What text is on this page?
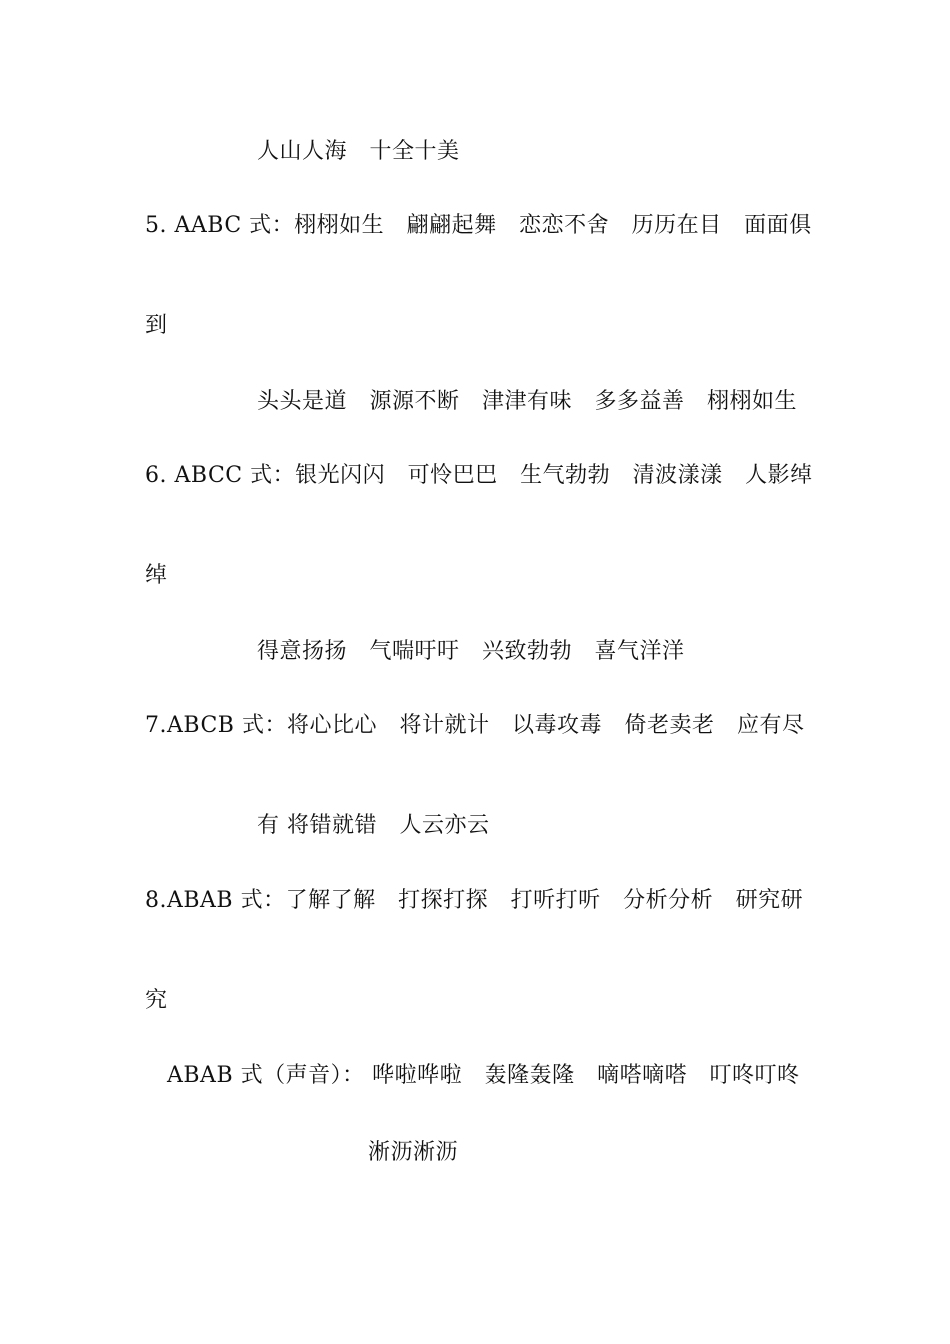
人山人海　十全十美
5. AABC 式：栩栩如生　翩翩起舞　恋恋不舍　历历在目　面面俱
到
头头是道　源源不断　津津有味　多多益善　栩栩如生
6. ABCC 式：银光闪闪　可怜巴巴　生气勃勃　清波漾漾　人影绰
绰
得意扬扬　气喘吁吁　兴致勃勃　喜气洋洋
7.ABCB 式：将心比心　将计就计　以毒攻毒　倚老卖老　应有尽
有 将错就错　人云亦云
8.ABAB 式：了解了解　打探打探　打听打听　分析分析　研究研
究
ABAB 式（声音）： 哗啦哗啦　轰隆轰隆　嘀嗒嘀嗒　叮咚叮咚
淅沥淅沥
